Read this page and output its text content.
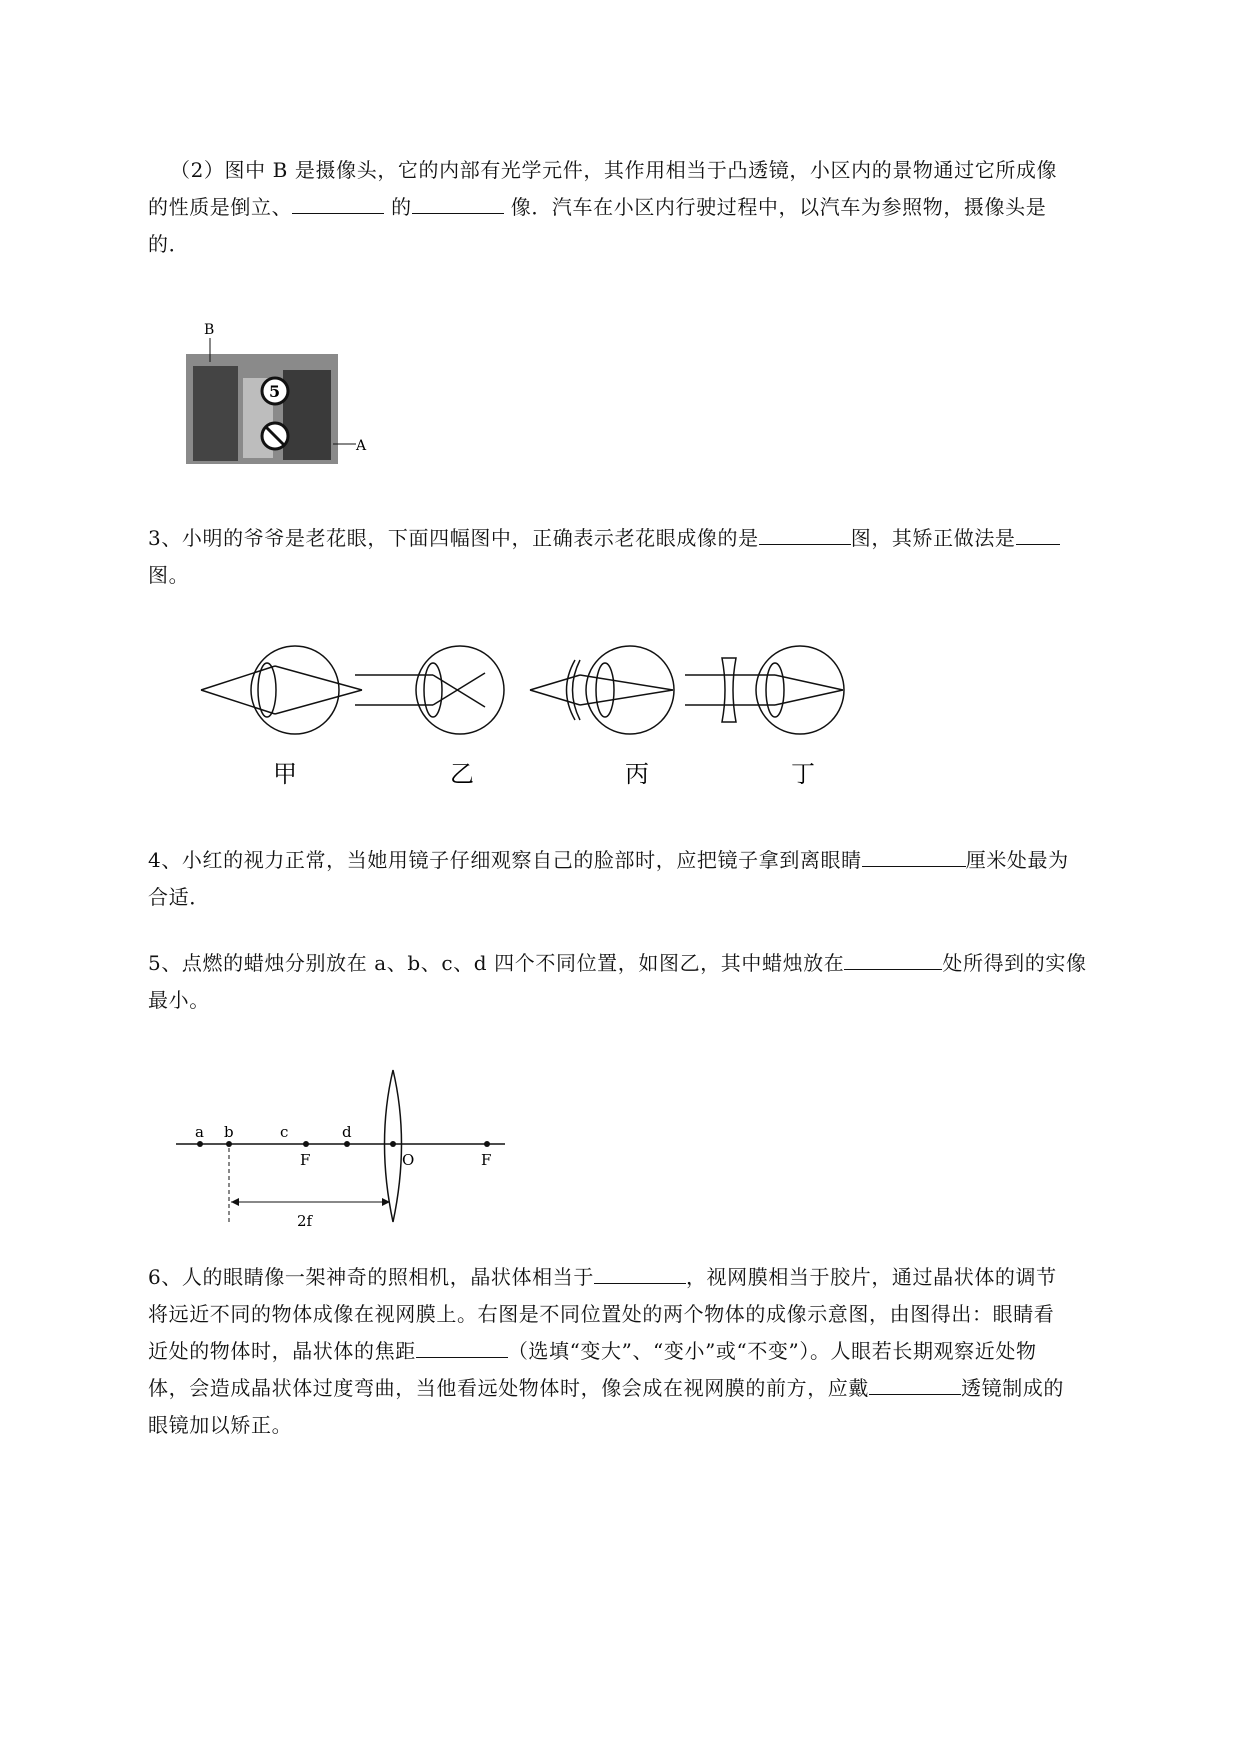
（2）图中 B 是摄像头，它的内部有光学元件，其作用相当于凸透镜，小区内的景物通过它所成像
的性质是倒立、	的	像．汽车在小区内行驶过程中，以汽车为参照物，摄像头是
的．
B
5
A
3、小明的爷爷是老花眼，下面四幅图中，正确表示老花眼成像的是	图，其矫正做法是
图。
甲	乙	丙	丁
4、小红的视力正常，当她用镜子仔细观察自己的脸部时，应把镜子拿到离眼睛	厘米处最为
合适．
5、点燃的蜡烛分别放在 a、b、c、d 四个不同位置，如图乙，其中蜡烛放在	处所得到的实像
最小。
a b	c	d
F	O	F
2f
6、人的眼睛像一架神奇的照相机，晶状体相当于	，视网膜相当于胶片，通过晶状体的调节
将远近不同的物体成像在视网膜上。右图是不同位置处的两个物体的成像示意图，由图得出：眼睛看
近处的物体时，晶状体的焦距	（选填“变大”、“变小”或“不变”）。人眼若长期观察近处物
体，会造成晶状体过度弯曲，当他看远处物体时，像会成在视网膜的前方，应戴	透镜制成的
眼镜加以矫正。
